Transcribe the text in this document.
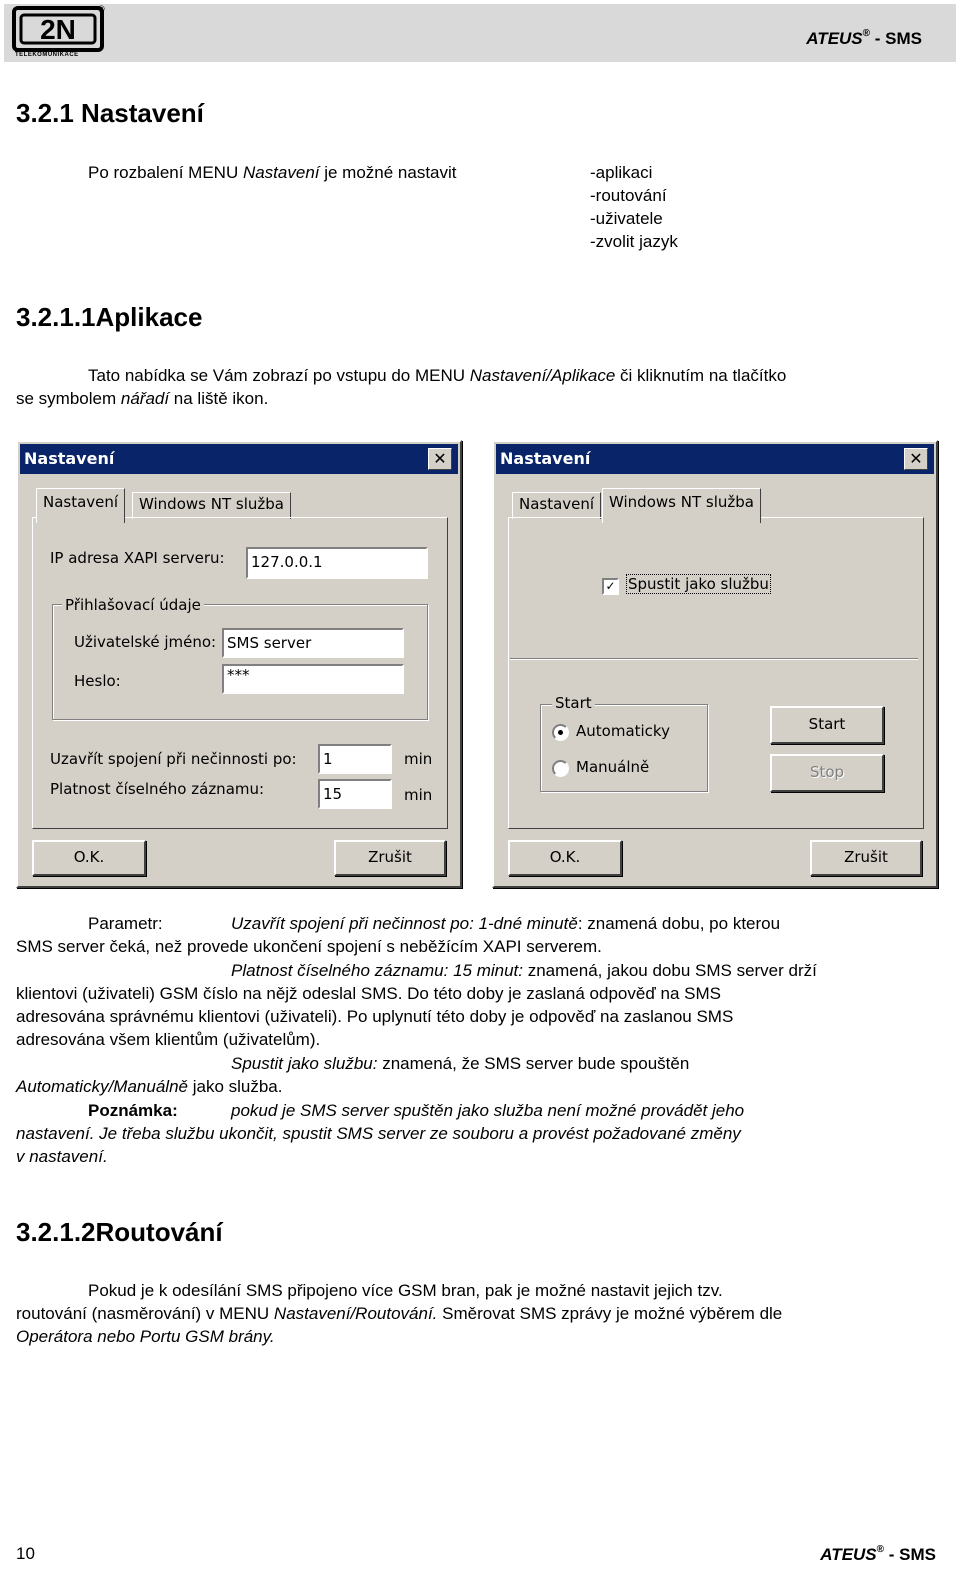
2N
®
TELEKOMUNIKACE
ATEUS® - SMS
3.2.1 Nastavení
Po rozbalení MENU Nastavení je možné nastavit	-aplikaci
-routování
-uživatele
-zvolit jazyk
3.2.1.1Aplikace
Tato nabídka se Vám zobrazí po vstupu do MENU Nastavení/Aplikace či kliknutím na tlačítko
se symbolem nářadí na liště ikon.
Nastavení	✕
Nastavení	Windows NT služba
IP adresa XAPI serveru:	127.0.0.1
Přihlašovací údaje
Uživatelské jméno: SMS server
Heslo:	***
Uzavřít spojení při nečinnosti po:	1	min
Platnost číselného záznamu:	15	min
O.K.	Zrušit
Nastavení	✕
Nastavení Windows NT služba
✓ Spustit jako službu
Start
Automaticky
Manuálně
Start
Stop
O.K.	Zrušit
Parametr:	Uzavřít spojení při nečinnost po: 1-dné minutě: znamená dobu, po kterou
SMS server čeká, než provede ukončení spojení s neběžícím XAPI serverem.
Platnost číselného záznamu: 15 minut: znamená, jakou dobu SMS server drží
klientovi (uživateli) GSM číslo na nějž odeslal SMS. Do této doby je zaslaná odpověď na SMS
adresována správnému klientovi (uživateli). Po uplynutí této doby je odpověď na zaslanou SMS
adresována všem klientům (uživatelům).
Spustit jako službu: znamená, že SMS server bude spouštěn
Automaticky/Manuálně jako služba.
Poznámka:	pokud je SMS server spuštěn jako služba není možné provádět jeho
nastavení. Je třeba službu ukončit, spustit SMS server ze souboru a provést požadované změny
v nastavení.
3.2.1.2Routování
Pokud je k odesílání SMS připojeno více GSM bran, pak je možné nastavit jejich tzv.
routování (nasměrování) v MENU Nastavení/Routování. Směrovat SMS zprávy je možné výběrem dle
Operátora nebo Portu GSM brány.
10	ATEUS® - SMS
